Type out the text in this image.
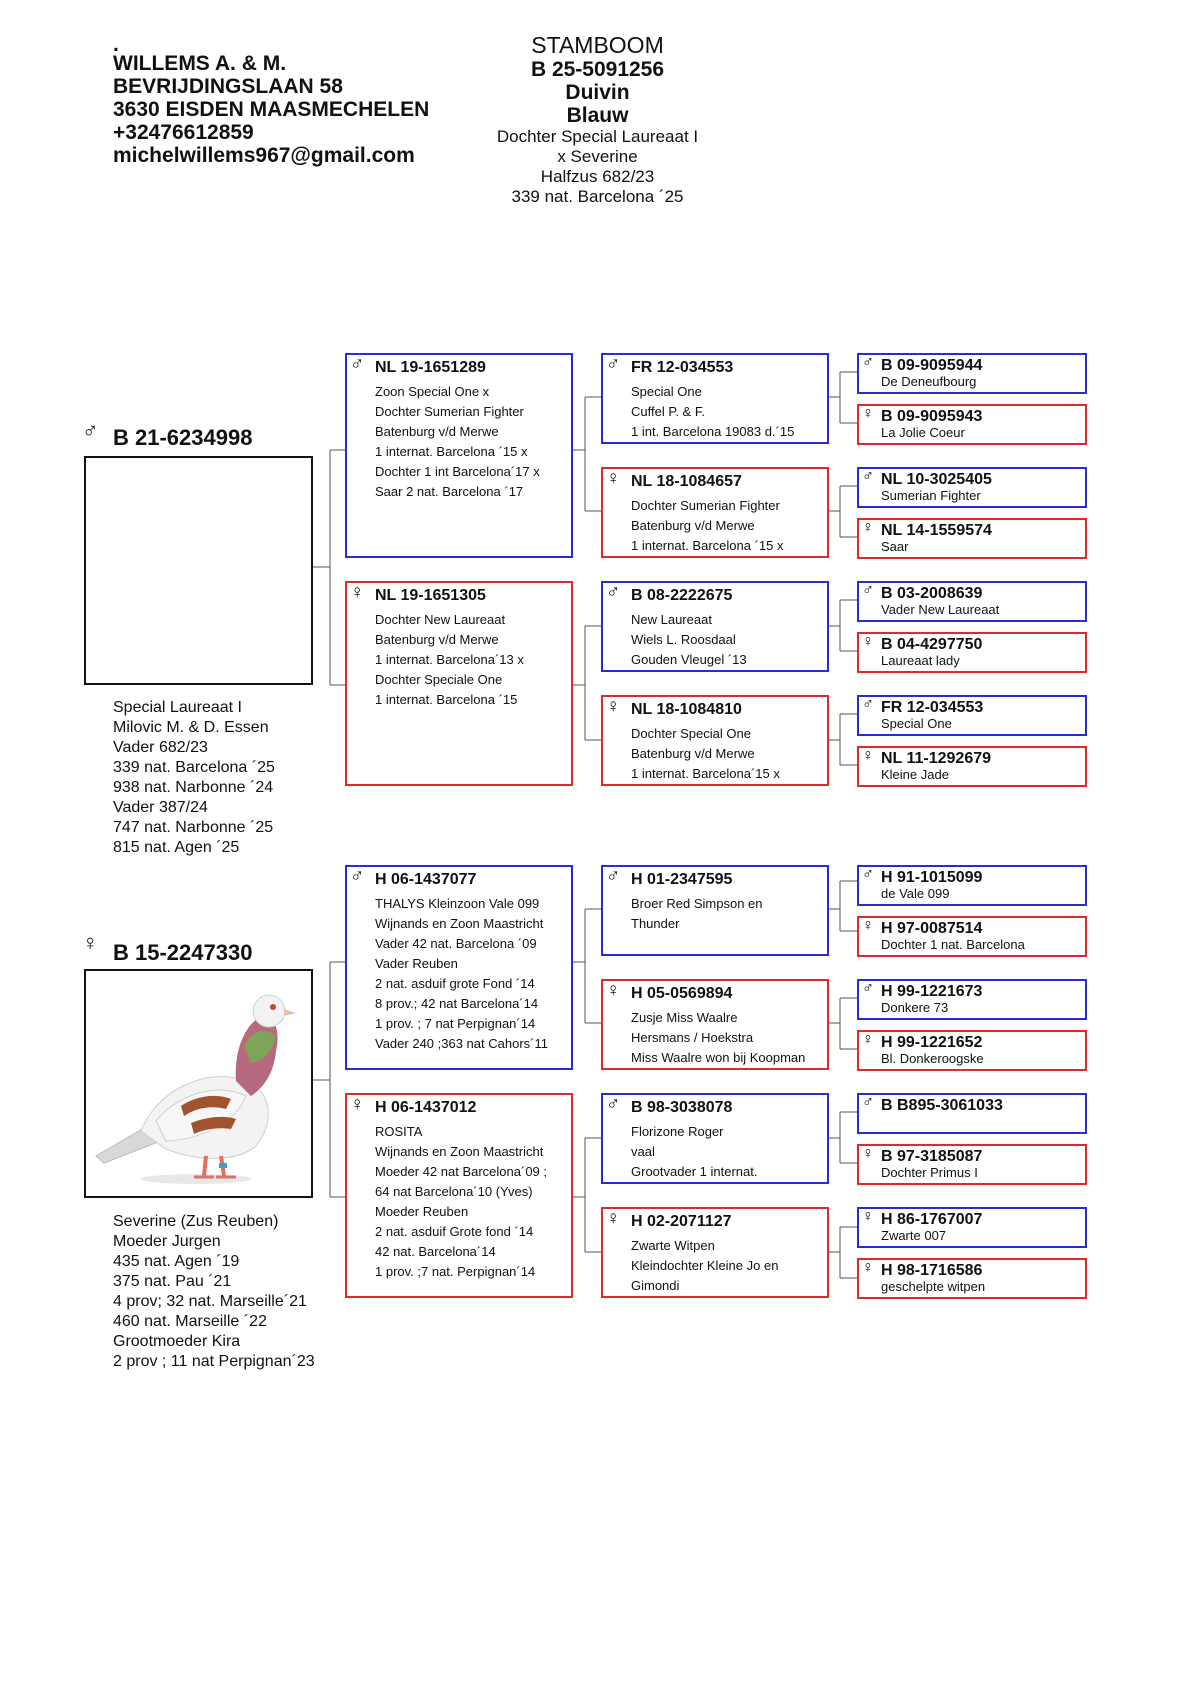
.
WILLEMS A. & M.
BEVRIJDINGSLAAN 58
3630 EISDEN MAASMECHELEN
+32476612859
michelwillems967@gmail.com
STAMBOOM
B 25-5091256
Duivin
Blauw
Dochter Special Laureaat I
x Severine
Halfzus 682/23
339 nat. Barcelona ´25
♂ B 21-6234998
Special Laureaat I
Milovic M. & D. Essen
Vader 682/23
339 nat. Barcelona ´25
938 nat. Narbonne ´24
Vader 387/24
747 nat. Narbonne ´25
815 nat. Agen ´25
♀ B 15-2247330
Severine (Zus Reuben)
Moeder Jurgen
435 nat. Agen ´19
375 nat. Pau ´21
4 prov; 32 nat. Marseille´21
460 nat. Marseille ´22
Grootmoeder Kira
2 prov ; 11 nat Perpignan´23
♂ NL 19-1651289
Zoon Special One x
Dochter Sumerian Fighter
Batenburg v/d Merwe
1 internat. Barcelona ´15 x
Dochter 1 int Barcelona´17 x
Saar 2 nat. Barcelona ´17
♀ NL 19-1651305
Dochter New Laureaat
Batenburg v/d Merwe
1 internat. Barcelona´13 x
Dochter Speciale One
1 internat. Barcelona ´15
♂ H 06-1437077
THALYS Kleinzoon Vale 099
Wijnands en Zoon Maastricht
Vader 42 nat. Barcelona ´09
Vader Reuben
2 nat. asduif grote Fond ´14
8 prov.; 42 nat Barcelona´14
1 prov. ; 7 nat Perpignan´14
Vader 240 ;363 nat Cahors´11
♀ H 06-1437012
ROSITA
Wijnands en Zoon Maastricht
Moeder 42 nat Barcelona´09 ;
64 nat Barcelona´10 (Yves)
Moeder Reuben
2 nat. asduif Grote fond ´14
42 nat. Barcelona´14
1 prov. ;7 nat. Perpignan´14
♂ FR 12-034553
Special One
Cuffel P. & F.
1 int. Barcelona 19083 d.´15
♀ NL 18-1084657
Dochter Sumerian Fighter
Batenburg v/d Merwe
1 internat. Barcelona ´15 x
♂ B 08-2222675
New Laureaat
Wiels L. Roosdaal
Gouden Vleugel ´13
♀ NL 18-1084810
Dochter Special One
Batenburg v/d Merwe
1 internat. Barcelona´15 x
♂ H 01-2347595
Broer Red Simpson en
Thunder
♀ H 05-0569894
Zusje Miss Waalre
Hersmans / Hoekstra
Miss Waalre won bij Koopman
♂ B 98-3038078
Florizone Roger
vaal
Grootvader 1 internat.
♀ H 02-2071127
Zwarte Witpen
Kleindochter Kleine Jo en
Gimondi
♂ B 09-9095944
De Deneufbourg
♀ B 09-9095943
La Jolie Coeur
♂ NL 10-3025405
Sumerian Fighter
♀ NL 14-1559574
Saar
♂ B 03-2008639
Vader New Laureaat
♀ B 04-4297750
Laureaat lady
♂ FR 12-034553
Special One
♀ NL 11-1292679
Kleine Jade
♂ H 91-1015099
de Vale 099
♀ H 97-0087514
Dochter 1 nat. Barcelona
♂ H 99-1221673
Donkere 73
♀ H 99-1221652
Bl. Donkeroogske
♂ B B895-3061033
♀ B 97-3185087
Dochter Primus I
♀ H 86-1767007
Zwarte 007
♀ H 98-1716586
geschelpte witpen
